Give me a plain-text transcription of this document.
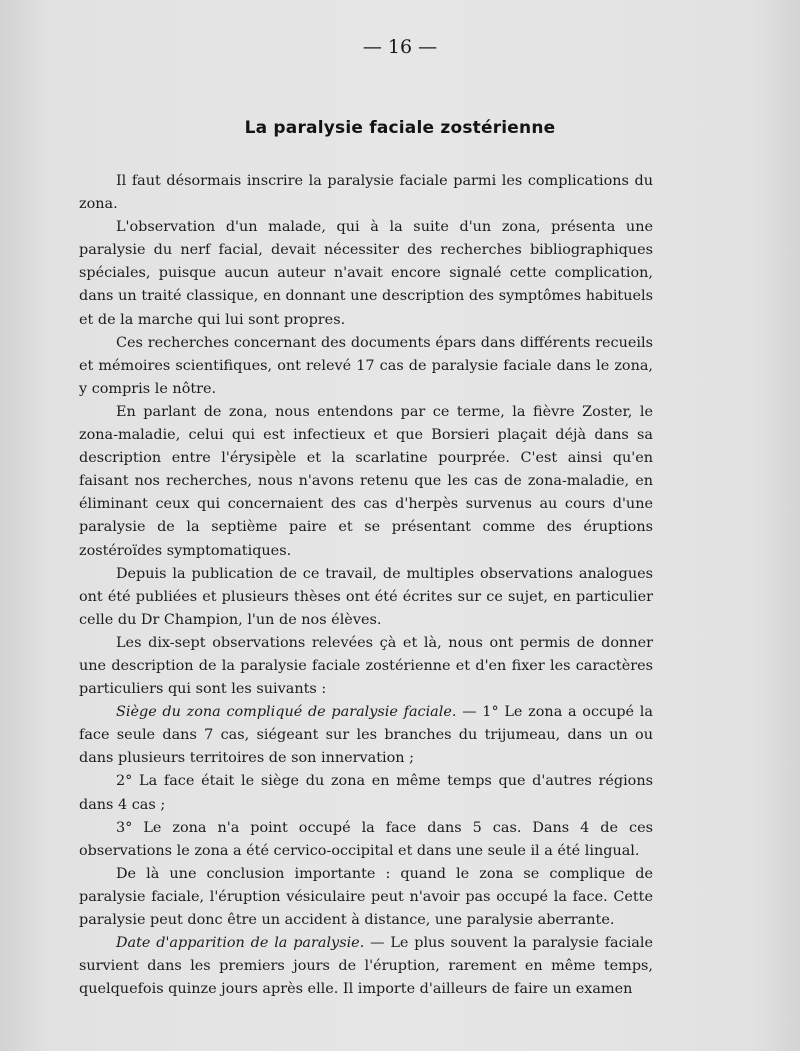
— 16 —
La paralysie faciale zostérienne

Il faut désormais inscrire la paralysie faciale parmi les complications du zona.

L'observation d'un malade, qui à la suite d'un zona, présenta une paralysie du nerf facial, devait nécessiter des recherches bibliographiques spéciales, puisque aucun auteur n'avait encore signalé cette complication, dans un traité classique, en donnant une description des symptômes habituels et de la marche qui lui sont propres.

Ces recherches concernant des documents épars dans différents recueils et mémoires scientifiques, ont relevé 17 cas de paralysie faciale dans le zona, y compris le nôtre.

En parlant de zona, nous entendons par ce terme, la fièvre Zoster, le zona-maladie, celui qui est infectieux et que Borsieri plaçait déjà dans sa description entre l'érysipèle et la scarlatine pourprée. C'est ainsi qu'en faisant nos recherches, nous n'avons retenu que les cas de zona-maladie, en éliminant ceux qui concernaient des cas d'herpès survenus au cours d'une paralysie de la septième paire et se présentant comme des éruptions zostéroïdes symptomatiques.

Depuis la publication de ce travail, de multiples observations analogues ont été publiées et plusieurs thèses ont été écrites sur ce sujet, en particulier celle du Dr Champion, l'un de nos élèves.

Les dix-sept observations relevées çà et là, nous ont permis de donner une description de la paralysie faciale zostérienne et d'en fixer les caractères particuliers qui sont les suivants :

Siège du zona compliqué de paralysie faciale. — 1° Le zona a occupé la face seule dans 7 cas, siégeant sur les branches du trijumeau, dans un ou dans plusieurs territoires de son innervation ;

2° La face était le siège du zona en même temps que d'autres régions dans 4 cas ;

3° Le zona n'a point occupé la face dans 5 cas. Dans 4 de ces observations le zona a été cervico-occipital et dans une seule il a été lingual.

De là une conclusion importante : quand le zona se complique de paralysie faciale, l'éruption vésiculaire peut n'avoir pas occupé la face. Cette paralysie peut donc être un accident à distance, une paralysie aberrante.

Date d'apparition de la paralysie. — Le plus souvent la paralysie faciale survient dans les premiers jours de l'éruption, rarement en même temps, quelquefois quinze jours après elle. Il importe d'ailleurs de faire un examen
